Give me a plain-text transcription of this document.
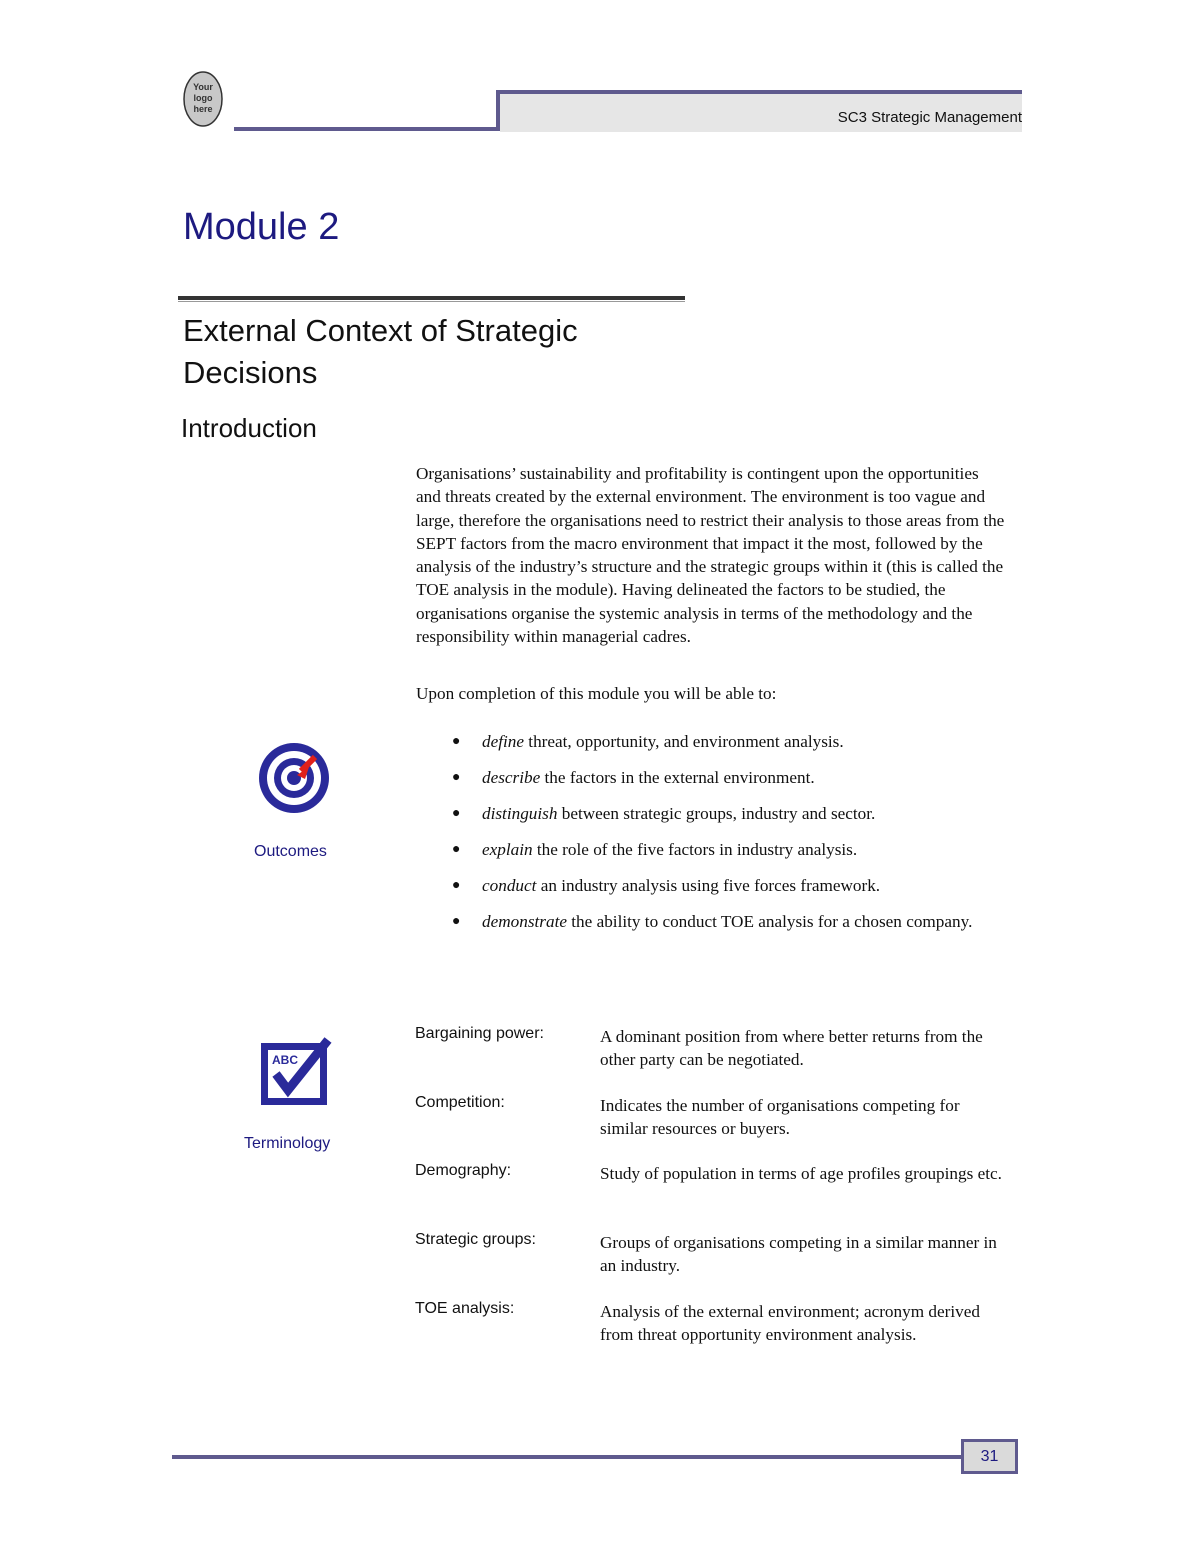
Your
logo
here	SC3 Strategic Management
Module 2
External Context of Strategic Decisions
Introduction

Organisations’ sustainability and profitability is contingent upon the opportunities and threats created by the external environment. The environment is too vague and large, therefore the organisations need to restrict their analysis to those areas from the SEPT factors from the macro environment that impact it the most, followed by the analysis of the industry’s structure and the strategic groups within it (this is called the TOE analysis in the module). Having delineated the factors to be studied, the organisations organise the systemic analysis in terms of the methodology and the responsibility within managerial cadres.

Upon completion of this module you will be able to:
Outcomes
● define threat, opportunity, and environment analysis.
● describe the factors in the external environment.
● distinguish between strategic groups, industry and sector.
● explain the role of the five factors in industry analysis.
● conduct an industry analysis using five forces framework.
● demonstrate the ability to conduct TOE analysis for a chosen company.
ABC
Terminology
Bargaining power:	A dominant position from where better returns from the other party can be negotiated.
Competition:	Indicates the number of organisations competing for similar resources or buyers.
Demography:	Study of population in terms of age profiles groupings etc.
Strategic groups:	Groups of organisations competing in a similar manner in an industry.
TOE analysis:	Analysis of the external environment; acronym derived from threat opportunity environment analysis.
31
